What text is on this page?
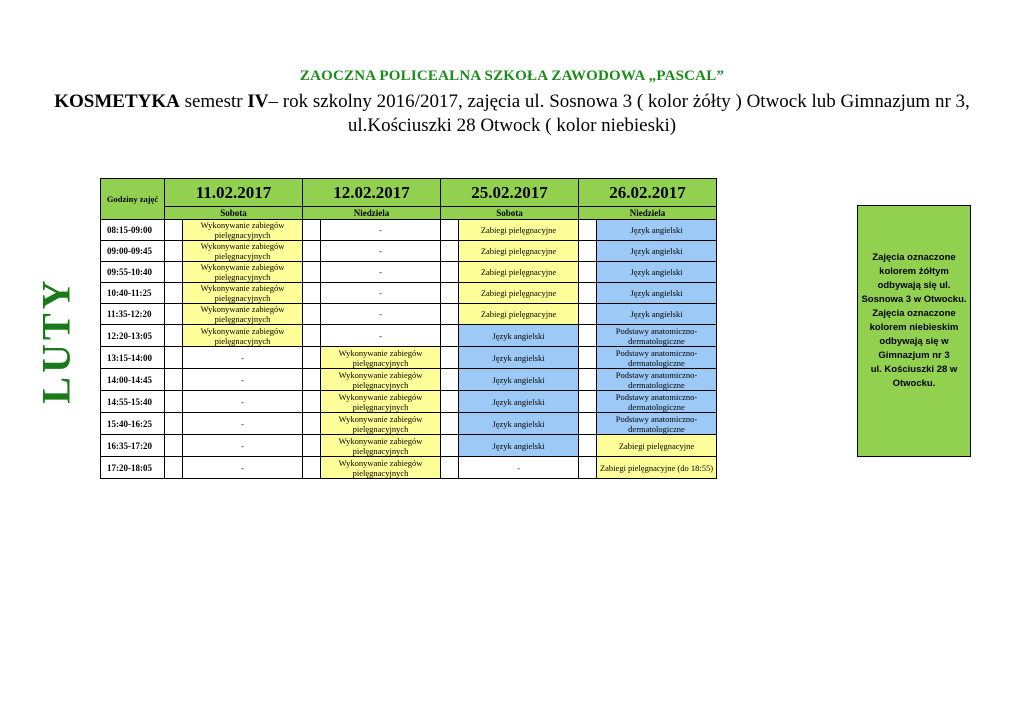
ZAOCZNA POLICEALNA SZKOŁA ZAWODOWA „PASCAL”
KOSMETYKA semestr IV– rok szkolny 2016/2017, zajęcia ul. Sosnowa 3 ( kolor żółty ) Otwock lub Gimnazjum nr 3,
ul.Kościuszki 28 Otwock ( kolor niebieski)
LUTY
Godziny zajęć	11.02.2017		12.02.2017		25.02.2017		26.02.2017	
	Sobota		Niedziela		Sobota		Niedziela	
08:15-09:00		Wykonywanie zabiegów pielęgnacyjnych		-		Zabiegi pielęgnacyjne		Język angielski
09:00-09:45		Wykonywanie zabiegów pielęgnacyjnych		-		Zabiegi pielęgnacyjne		Język angielski
09:55-10:40		Wykonywanie zabiegów pielęgnacyjnych		-		Zabiegi pielęgnacyjne		Język angielski
10:40-11:25		Wykonywanie zabiegów pielęgnacyjnych		-		Zabiegi pielęgnacyjne		Język angielski
11:35-12:20		Wykonywanie zabiegów pielęgnacyjnych		-		Zabiegi pielęgnacyjne		Język angielski
12:20-13:05		Wykonywanie zabiegów pielęgnacyjnych		-		Język angielski		Podstawy anatomiczno-dermatologiczne
13:15-14:00		-		Wykonywanie zabiegów pielęgnacyjnych		Język angielski		Podstawy anatomiczno-dermatologiczne
14:00-14:45		-		Wykonywanie zabiegów pielęgnacyjnych		Język angielski		Podstawy anatomiczno-dermatologiczne
14:55-15:40		-		Wykonywanie zabiegów pielęgnacyjnych		Język angielski		Podstawy anatomiczno-dermatologiczne
15:40-16:25		-		Wykonywanie zabiegów pielęgnacyjnych		Język angielski		Podstawy anatomiczno-dermatologiczne
16:35-17:20		-		Wykonywanie zabiegów pielęgnacyjnych		Język angielski		Zabiegi pielęgnacyjne
17:20-18:05		-		Wykonywanie zabiegów pielęgnacyjnych		-		Zabiegi pielęgnacyjne (do 18:55)
Zajęcia oznaczone
kolorem żółtym
odbywają się ul.
Sosnowa 3 w Otwocku.
Zajęcia oznaczone
kolorem niebieskim
odbywają się w
Gimnazjum nr 3
ul. Kościuszki 28 w
Otwocku.
